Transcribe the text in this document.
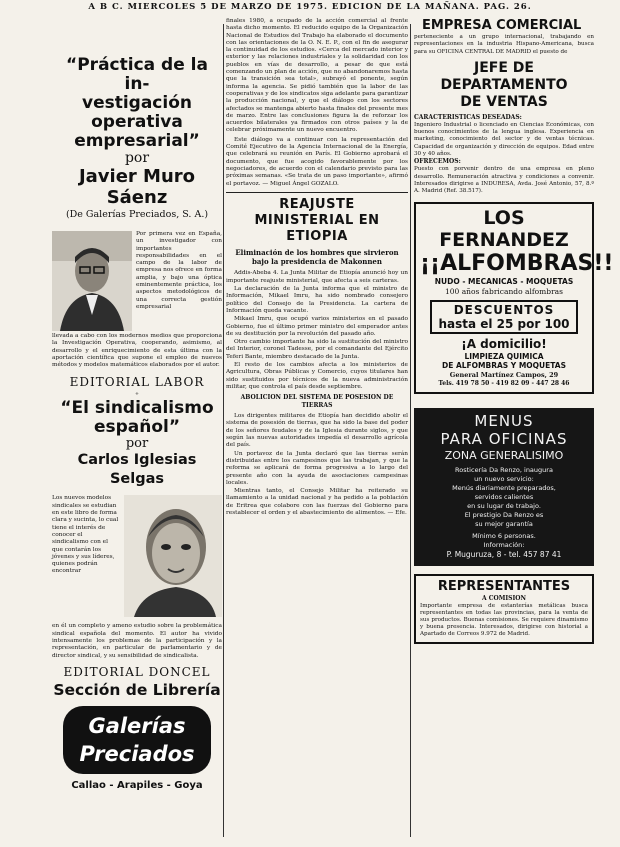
A B C. MIERCOLES 5 DE MARZO DE 1975. EDICION DE LA MAÑANA. PAG. 26.
“Práctica de la in-
vestigación operativa
empresarial”
por
Javier Muro Sáenz
(De Galerías Preciados, S. A.)

Por primera vez en España, un investigador con importantes responsabilidades en el campo de la labor de empresa nos ofrece en forma amplia, y bajo una óptica eminentemente práctica, los aspectos metodológicos de una correcta gestión empresarial

llevada a cabo con los modernos medios que proporciona la Investigación Operativa, cooperando, asimismo, al desarrollo y el enriquecimiento de esta última con la aportación científica que supone el empleo de nuevos métodos y modelos matemáticos elaborados por el autor.

EDITORIAL LABOR
+
“El sindicalismo
español”
por
Carlos Iglesias Selgas

Los nuevos modelos sindicales se estudian en este libro de forma clara y sucinta, lo cual tiene el interés de conocer el sindicalismo con el que contarán los jóvenes y sus líderes, quienes podrán encontrar

en él un completo y ameno estudio sobre la problemática sindical española del momento. El autor ha vivido intensamente los problemas de la participación y la representación, en particular de parlamentario y de director sindical, y su sensibilidad de sindicalista.

EDITORIAL DONCEL
Sección de Librería
Galerías
Preciados
Callao - Arapiles - Goya

finales 1980, a ocupado de la acción comercial al frente hasta dicho momento. El reducido equipo de la Organización Nacional de Estudios del Trabajo ha elaborado el documento con las orientaciones de la O. N. E. P., con el fin de asegurar la continuidad de los estudios. «Cerca del mercado interior y exterior y las relaciones industriales y la solidaridad con los pueblos en vías de desarrollo, a pesar de que está comenzando un plan de acción, que no abandonaremos hasta que la transición sea total», subrayó el ponente, según informa la agencia. Se pidió también que la labor de las cooperativas y de los sindicatos siga adelante para garantizar la producción nacional, y que el diálogo con los sectores afectados se mantenga abierto hasta finales del presente mes de marzo. Entre las conclusiones figura la de reforzar los acuerdos bilaterales ya firmados con otros países y la de celebrar próximamente un nuevo encuentro.

Este diálogo va a continuar con la representación del Comité Ejecutivo de la Agencia Internacional de la Energía, que celebrará su reunión en París. El Gobierno aprobará el documento, que fue acogido favorablemente por los negociadores, de acuerdo con el calendario previsto para las próximas semanas. «Se trata de un paso importante», afirmó el portavoz. — Miguel Ángel GOZALO.

REAJUSTE MINISTERIAL EN ETIOPIA
Eliminación de los hombres que sirvieron bajo la presidencia de Makonnen

Addis-Abeba 4. La Junta Militar de Etiopía anunció hoy un importante reajuste ministerial, que afecta a seis carteras.

La declaración de la Junta informa que el ministro de Información, Mikael Imru, ha sido nombrado consejero político del Consejo de la Presidencia. La cartera de Información queda vacante.

Mikael Imru, que ocupó varios ministerios en el pasado Gobierno, fue el último primer ministro del emperador antes de su destitución por la revolución del pasado año.

Otro cambio importante ha sido la sustitución del ministro del Interior, coronel Tadesse, por el comandante del Ejército Teferi Bante, miembro destacado de la Junta.

El resto de los cambios afecta a los ministerios de Agricultura, Obras Públicas y Comercio, cuyos titulares han sido sustituidos por técnicos de la nueva administración militar, que controla el país desde septiembre.

ABOLICION DEL SISTEMA DE POSESION DE TIERRAS

Los dirigentes militares de Etiopía han decidido abolir el sistema de posesión de tierras, que ha sido la base del poder de los señores feudales y de la Iglesia durante siglos, y que según las nuevas autoridades impedía el desarrollo agrícola del país.

Un portavoz de la Junta declaró que las tierras serán distribuidas entre los campesinos que las trabajan, y que la reforma se aplicará de forma progresiva a lo largo del presente año con la ayuda de asociaciones campesinas locales.

Mientras tanto, el Consejo Militar ha reiterado su llamamiento a la unidad nacional y ha pedido a la población de Eritrea que colabore con las fuerzas del Gobierno para restablecer el orden y el abastecimiento de alimentos. — Efe.

EMPRESA COMERCIAL

perteneciente a un grupo internacional, trabajando en representaciones en la industria Hispano-Americana, busca para su OFICINA CENTRAL DE MADRID el puesto de

JEFE DE DEPARTAMENTO
DE VENTAS
CARACTERISTICAS DESEADAS:

Ingeniero Industrial o licenciado en Ciencias Económicas, con buenos conocimientos de la lengua inglesa. Experiencia en marketing, conocimiento del sector y de ventas técnicas. Capacidad de organización y dirección de equipos. Edad entre 30 y 40 años.

OFRECEMOS:

Puesto con porvenir dentro de una empresa en pleno desarrollo. Remuneración atractiva y condiciones a convenir. Interesados dirigirse a INDURESA, Avda. José Antonio, 57, 8.º A. Madrid (Ref. 38.517).

LOS FERNANDEZ
¡¡ALFOMBRAS!!
NUDO - MECANICAS - MOQUETAS
100 años fabricando alfombras
DESCUENTOS
hasta el 25 por 100
¡A domicilio!
LIMPIEZA QUIMICA
DE ALFOMBRAS Y MOQUETAS
General Martínez Campos, 29
Tels. 419 78 50 - 419 82 09 - 447 28 46
MENUS
PARA OFICINAS
ZONA GENERALISIMO
Rosticería Da Renzo, inaugura
un nuevo servicio:
Menús diariamente preparados,
servidos calientes
en su lugar de trabajo.
El prestigio Da Renzo es
su mejor garantía
Mínimo 6 personas.
Información:
P. Muguruza, 8 - tel. 457 87 41
REPRESENTANTES
A COMISION

Importante empresa de estanterías metálicas busca representantes en todas las provincias, para la venta de sus productos. Buenas comisiones. Se requiere dinamismo y buena presencia. Interesados, dirigirse con historial a Apartado de Correos 9.972 de Madrid.
